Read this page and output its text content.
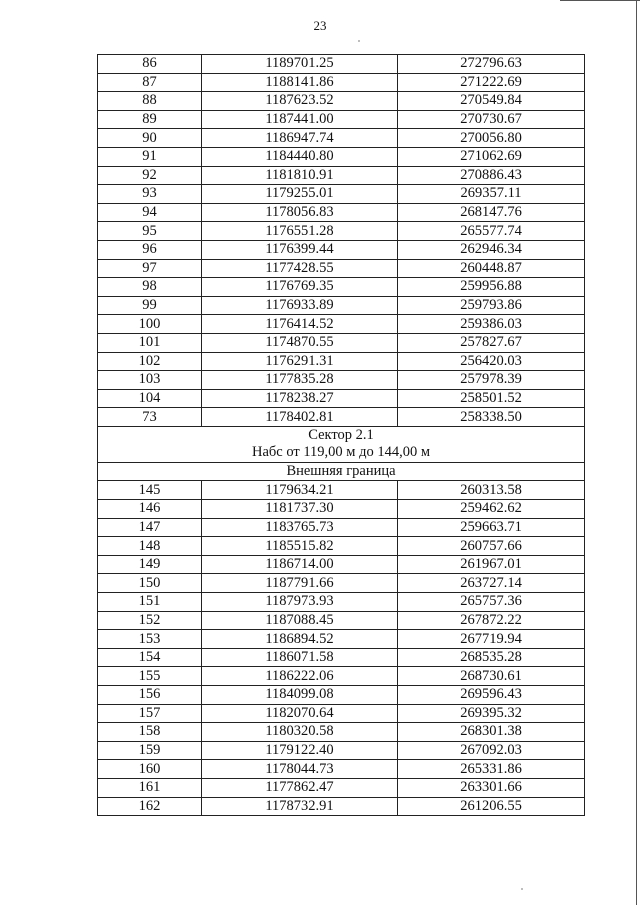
23
86	1189701.25	272796.63
87	1188141.86	271222.69
88	1187623.52	270549.84
89	1187441.00	270730.67
90	1186947.74	270056.80
91	1184440.80	271062.69
92	1181810.91	270886.43
93	1179255.01	269357.11
94	1178056.83	268147.76
95	1176551.28	265577.74
96	1176399.44	262946.34
97	1177428.55	260448.87
98	1176769.35	259956.88
99	1176933.89	259793.86
100	1176414.52	259386.03
101	1174870.55	257827.67
102	1176291.31	256420.03
103	1177835.28	257978.39
104	1178238.27	258501.52
73	1178402.81	258338.50

Сектор 2.1
Набс от 119,00 м до 144,00 м		

Внешняя граница		
145	1179634.21	260313.58
146	1181737.30	259462.62
147	1183765.73	259663.71
148	1185515.82	260757.66
149	1186714.00	261967.01
150	1187791.66	263727.14
151	1187973.93	265757.36
152	1187088.45	267872.22
153	1186894.52	267719.94
154	1186071.58	268535.28
155	1186222.06	268730.61
156	1184099.08	269596.43
157	1182070.64	269395.32
158	1180320.58	268301.38
159	1179122.40	267092.03
160	1178044.73	265331.86
161	1177862.47	263301.66
162	1178732.91	261206.55
